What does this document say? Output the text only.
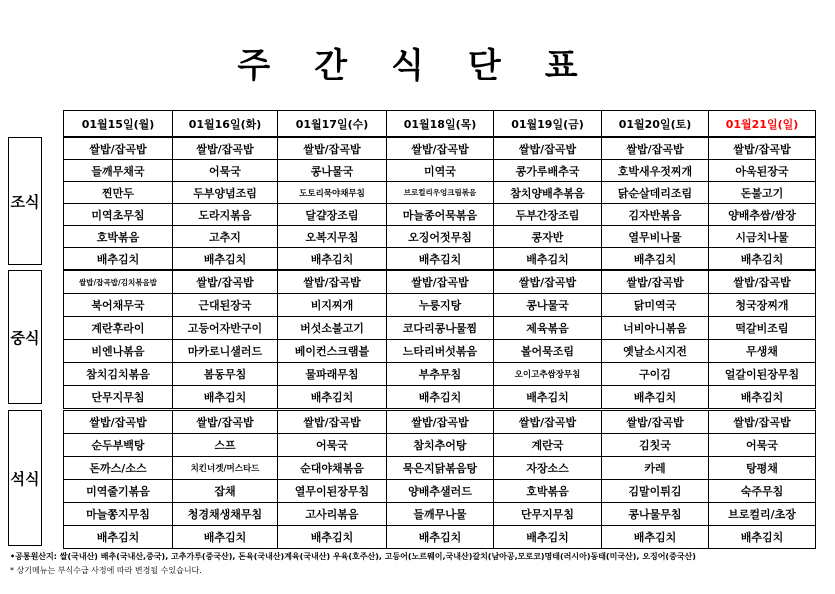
주 간 식 단 표
01월15일(월)	01월16일(화)	01월17일(수)	01월18일(목)	01월19일(금)	01월20일(토)	01월21일(일)
조식
쌀밥/잡곡밥	쌀밥/잡곡밥	쌀밥/잡곡밥	쌀밥/잡곡밥	쌀밥/잡곡밥	쌀밥/잡곡밥	쌀밥/잡곡밥
들깨무채국	어묵국	콩나물국	미역국	콩가루배추국	호박새우젓찌개	아욱된장국
찐만두	두부양념조림	도토리묵야채무침	브로컬리우엉크림볶음	참치양배추볶음	닭순살데리조림	돈불고기
미역초무침	도라지볶음	달걀장조림	마늘종어묵볶음	두부간장조림	김자반볶음	양배추쌈/쌈장
호박볶음	고추지	오복지무침	오징어젓무침	콩자반	열무비나물	시금치나물
배추김치	배추김치	배추김치	배추김치	배추김치	배추김치	배추김치
중식
쌀밥/잡곡밥/김치볶음밥	쌀밥/잡곡밥	쌀밥/잡곡밥	쌀밥/잡곡밥	쌀밥/잡곡밥	쌀밥/잡곡밥	쌀밥/잡곡밥
북어채무국	근대된장국	비지찌개	누룽지탕	콩나물국	닭미역국	청국장찌개
계란후라이	고등어자반구이	버섯소불고기	코다리콩나물찜	제육볶음	너비아니볶음	떡갈비조림
비엔나볶음	마카로니샐러드	베이컨스크램블	느타리버섯볶음	볼어묵조림	옛날소시지전	무생채
참치김치볶음	봄동무침	물파래무침	부추무침	오이고추쌈장무침	구이김	얼갈이된장무침
단무지무침	배추김치	배추김치	배추김치	배추김치	배추김치	배추김치
석식
쌀밥/잡곡밥	쌀밥/잡곡밥	쌀밥/잡곡밥	쌀밥/잡곡밥	쌀밥/잡곡밥	쌀밥/잡곡밥	쌀밥/잡곡밥
순두부백탕	스프	어묵국	참치추어탕	계란국	김칫국	어묵국
돈까스/소스	치킨너겟/머스타드	순대야채볶음	묵은지닭볶음탕	자장소스	카레	탕평채
미역줄기볶음	잡채	열무이된장무침	양배추샐러드	호박볶음	김말이튀김	숙주무침
마늘쫑지무침	청경채생채무침	고사리볶음	들깨무나물	단무지무침	콩나물무침	브로컬리/초장
배추김치	배추김치	배추김치	배추김치	배추김치	배추김치	배추김치
•공통원산지: 쌀(국내산) 배추(국내산,중국), 고추가루(중국산), 돈육(국내산)계육(국내산) 우육(호주산), 고등어(노르웨이,국내산)갈치(남아공,모로코)명태(러시아)동태(미국산), 오징어(중국산)
* 상기메뉴는 부식수급 사정에 따라 변경될 수있습니다.
